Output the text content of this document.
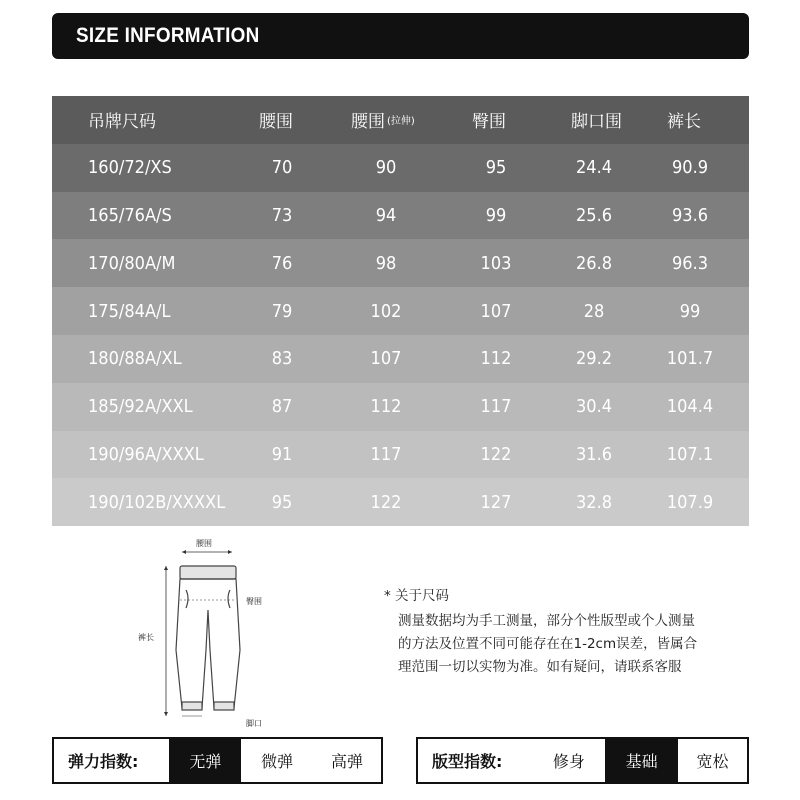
SIZE INFORMATION
吊牌尺码	腰围	腰围 (拉伸)	臀围	脚口围	裤长
160/72/XS	70	90	95	24.4	90.9
165/76A/S	73	94	99	25.6	93.6
170/80A/M	76	98	103	26.8	96.3
175/84A/L	79	102	107	28	99
180/88A/XL	83	107	112	29.2	101.7
185/92A/XXL	87	112	117	30.4	104.4
190/96A/XXXL	91	117	122	31.6	107.1
190/102B/XXXXL	95	122	127	32.8	107.9
腰围
臀围
裤长
脚口
* 关于尺码
测量数据均为手工测量，部分个性版型或个人测量
的方法及位置不同可能存在在1-2cm误差，皆属合
理范围一切以实物为准。如有疑问，请联系客服
弹力指数:	无弹	微弹	高弹	版型指数:	修身	基础	宽松
